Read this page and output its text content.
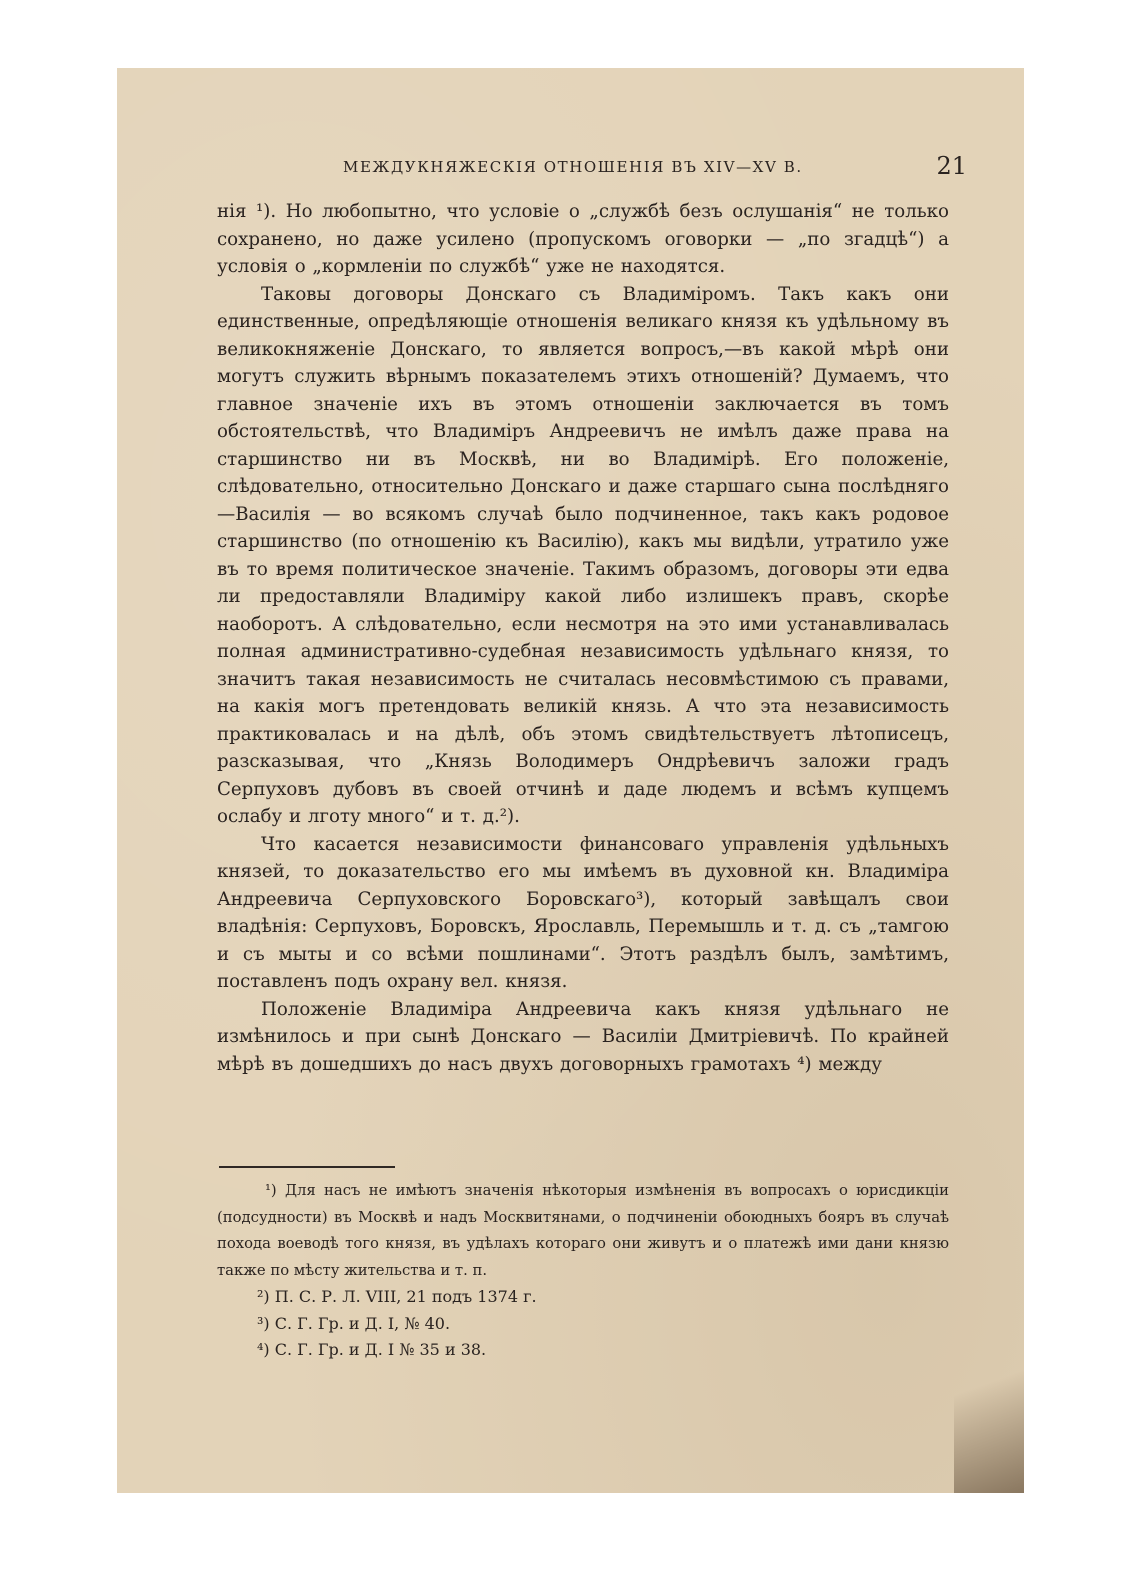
МЕЖДУКНЯЖЕСКІЯ ОТНОШЕНІЯ ВЪ XIV—XV В.	21

нія ¹). Но любопытно, что условіе о „службѣ безъ ослушанія“ не только сохранено, но даже усилено (пропускомъ оговорки — „по згадцѣ“) а условія о „кормленіи по службѣ“ уже не находятся.

Таковы договоры Донскаго съ Владиміромъ. Такъ какъ они единственные, опредѣляющіе отношенія великаго князя къ удѣльному въ великокняженіе Донскаго, то является вопросъ,—въ какой мѣрѣ они могутъ служить вѣрнымъ показателемъ этихъ отношеній? Думаемъ, что главное значеніе ихъ въ этомъ отношеніи заключается въ томъ обстоятельствѣ, что Владиміръ Андреевичъ не имѣлъ даже права на старшинство ни въ Москвѣ, ни во Владимірѣ. Его положеніе, слѣдовательно, относительно Донскаго и даже старшаго сына послѣдняго—Василія — во всякомъ случаѣ было подчиненное, такъ какъ родовое старшинство (по отношенію къ Василію), какъ мы видѣли, утратило уже въ то время политическое значеніе. Такимъ образомъ, договоры эти едва ли предоставляли Владиміру какой либо излишекъ правъ, скорѣе наоборотъ. А слѣдовательно, если несмотря на это ими устанавливалась полная административно-судебная независимость удѣльнаго князя, то значитъ такая независимость не считалась несовмѣстимою съ правами, на какія могъ претендовать великій князь. А что эта независимость практиковалась и на дѣлѣ, объ этомъ свидѣтельствуетъ лѣтописецъ, разсказывая, что „Князь Володимеръ Ондрѣевичъ заложи градъ Серпуховъ дубовъ въ своей отчинѣ и даде людемъ и всѣмъ купцемъ ослабу и лготу много“ и т. д.²).

Что касается независимости финансоваго управленія удѣльныхъ князей, то доказательство его мы имѣемъ въ духовной кн. Владиміра Андреевича Серпуховского Боровскаго³), который завѣщалъ свои владѣнія: Серпуховъ, Боровскъ, Ярославль, Перемышль и т. д. съ „тамгою и съ мыты и со всѣми пошлинами“. Этотъ раздѣлъ былъ, замѣтимъ, поставленъ подъ охрану вел. князя.

Положеніе Владиміра Андреевича какъ князя удѣльнаго не измѣнилось и при сынѣ Донскаго — Василіи Дмитріевичѣ. По крайней мѣрѣ въ дошедшихъ до насъ двухъ договорныхъ грамотахъ ⁴) между

¹) Для насъ не имѣютъ значенія нѣкоторыя измѣненія въ вопросахъ о юрисдикціи (подсудности) въ Москвѣ и надъ Москвитянами, о подчиненіи обоюдныхъ бояръ въ случаѣ похода воеводѣ того князя, въ удѣлахъ котораго они живутъ и о платежѣ ими дани князю также по мѣсту жительства и т. п.

²) П. С. Р. Л. VIII, 21 подъ 1374 г.

³) С. Г. Гр. и Д. I, № 40.

⁴) С. Г. Гр. и Д. I № 35 и 38.
